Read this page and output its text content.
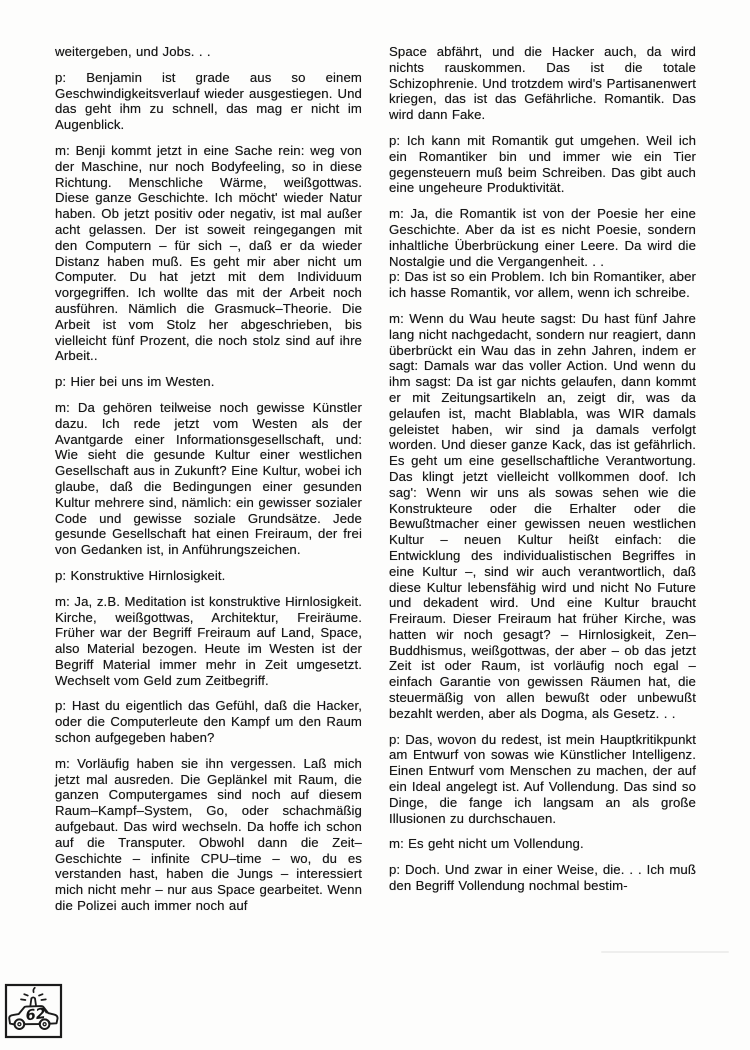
weitergeben, und Jobs. . .

p: Benjamin ist grade aus so einem Geschwindigkeitsverlauf wieder ausgestiegen. Und das geht ihm zu schnell, das mag er nicht im Augenblick.

m: Benji kommt jetzt in eine Sache rein: weg von der Maschine, nur noch Bodyfeeling, so in diese Richtung. Menschliche Wärme, weißgottwas. Diese ganze Geschichte. Ich möcht' wieder Natur haben. Ob jetzt positiv oder negativ, ist mal außer acht gelassen. Der ist soweit reingegangen mit den Computern – für sich –, daß er da wieder Distanz haben muß. Es geht mir aber nicht um Computer. Du hat jetzt mit dem Individuum vorgegriffen. Ich wollte das mit der Arbeit noch ausführen. Nämlich die Grasmuck–Theorie. Die Arbeit ist vom Stolz her abgeschrieben, bis vielleicht fünf Prozent, die noch stolz sind auf ihre Arbeit..

p: Hier bei uns im Westen.

m: Da gehören teilweise noch gewisse Künstler dazu. Ich rede jetzt vom Westen als der Avantgarde einer Informationsgesellschaft, und: Wie sieht die gesunde Kultur einer westlichen Gesellschaft aus in Zukunft? Eine Kultur, wobei ich glaube, daß die Bedingungen einer gesunden Kultur mehrere sind, nämlich: ein gewisser sozialer Code und gewisse soziale Grundsätze. Jede gesunde Gesellschaft hat einen Freiraum, der frei von Gedanken ist, in Anführungszeichen.

p: Konstruktive Hirnlosigkeit.

m: Ja, z.B. Meditation ist konstruktive Hirnlosigkeit. Kirche, weißgottwas, Architektur, Freiräume. Früher war der Begriff Freiraum auf Land, Space, also Material bezogen. Heute im Westen ist der Begriff Material immer mehr in Zeit umgesetzt. Wechselt vom Geld zum Zeitbegriff.

p: Hast du eigentlich das Gefühl, daß die Hacker, oder die Computerleute den Kampf um den Raum schon aufgegeben haben?

m: Vorläufig haben sie ihn vergessen. Laß mich jetzt mal ausreden. Die Geplänkel mit Raum, die ganzen Computergames sind noch auf diesem Raum–Kampf–System, Go, oder schachmäßig aufgebaut. Das wird wechseln. Da hoffe ich schon auf die Transputer. Obwohl dann die Zeit–Geschichte – infinite CPU–time – wo, du es verstanden hast, haben die Jungs – interessiert mich nicht mehr – nur aus Space gearbeitet. Wenn die Polizei auch immer noch auf

Space abfährt, und die Hacker auch, da wird nichts rauskommen. Das ist die totale Schizophrenie. Und trotzdem wird's Partisanenwert kriegen, das ist das Gefährliche. Romantik. Das wird dann Fake.

p: Ich kann mit Romantik gut umgehen. Weil ich ein Romantiker bin und immer wie ein Tier gegensteuern muß beim Schreiben. Das gibt auch eine ungeheure Produktivität.

m: Ja, die Romantik ist von der Poesie her eine Geschichte. Aber da ist es nicht Poesie, sondern inhaltliche Überbrückung einer Leere. Da wird die Nostalgie und die Vergangenheit. . .

p: Das ist so ein Problem. Ich bin Romantiker, aber ich hasse Romantik, vor allem, wenn ich schreibe.

m: Wenn du Wau heute sagst: Du hast fünf Jahre lang nicht nachgedacht, sondern nur reagiert, dann überbrückt ein Wau das in zehn Jahren, indem er sagt: Damals war das voller Action. Und wenn du ihm sagst: Da ist gar nichts gelaufen, dann kommt er mit Zeitungsartikeln an, zeigt dir, was da gelaufen ist, macht Blablabla, was WIR damals geleistet haben, wir sind ja damals verfolgt worden. Und dieser ganze Kack, das ist gefährlich. Es geht um eine gesellschaftliche Verantwortung. Das klingt jetzt vielleicht vollkommen doof. Ich sag': Wenn wir uns als sowas sehen wie die Konstrukteure oder die Erhalter oder die Bewußtmacher einer gewissen neuen westlichen Kultur – neuen Kultur heißt einfach: die Entwicklung des individualistischen Begriffes in eine Kultur –, sind wir auch verantwortlich, daß diese Kultur lebensfähig wird und nicht No Future und dekadent wird. Und eine Kultur braucht Freiraum. Dieser Freiraum hat früher Kirche, was hatten wir noch gesagt? – Hirnlosigkeit, Zen–Buddhismus, weißgottwas, der aber – ob das jetzt Zeit ist oder Raum, ist vorläufig noch egal – einfach Garantie von gewissen Räumen hat, die steuermäßig von allen bewußt oder unbewußt bezahlt werden, aber als Dogma, als Gesetz. . .

p: Das, wovon du redest, ist mein Hauptkritikpunkt am Entwurf von sowas wie Künstlicher Intelligenz. Einen Entwurf vom Menschen zu machen, der auf ein Ideal angelegt ist. Auf Vollendung. Das sind so Dinge, die fange ich langsam an als große Illusionen zu durchschauen.

m: Es geht nicht um Vollendung.

p: Doch. Und zwar in einer Weise, die. . . Ich muß den Begriff Vollendung nochmal bestim-

62
